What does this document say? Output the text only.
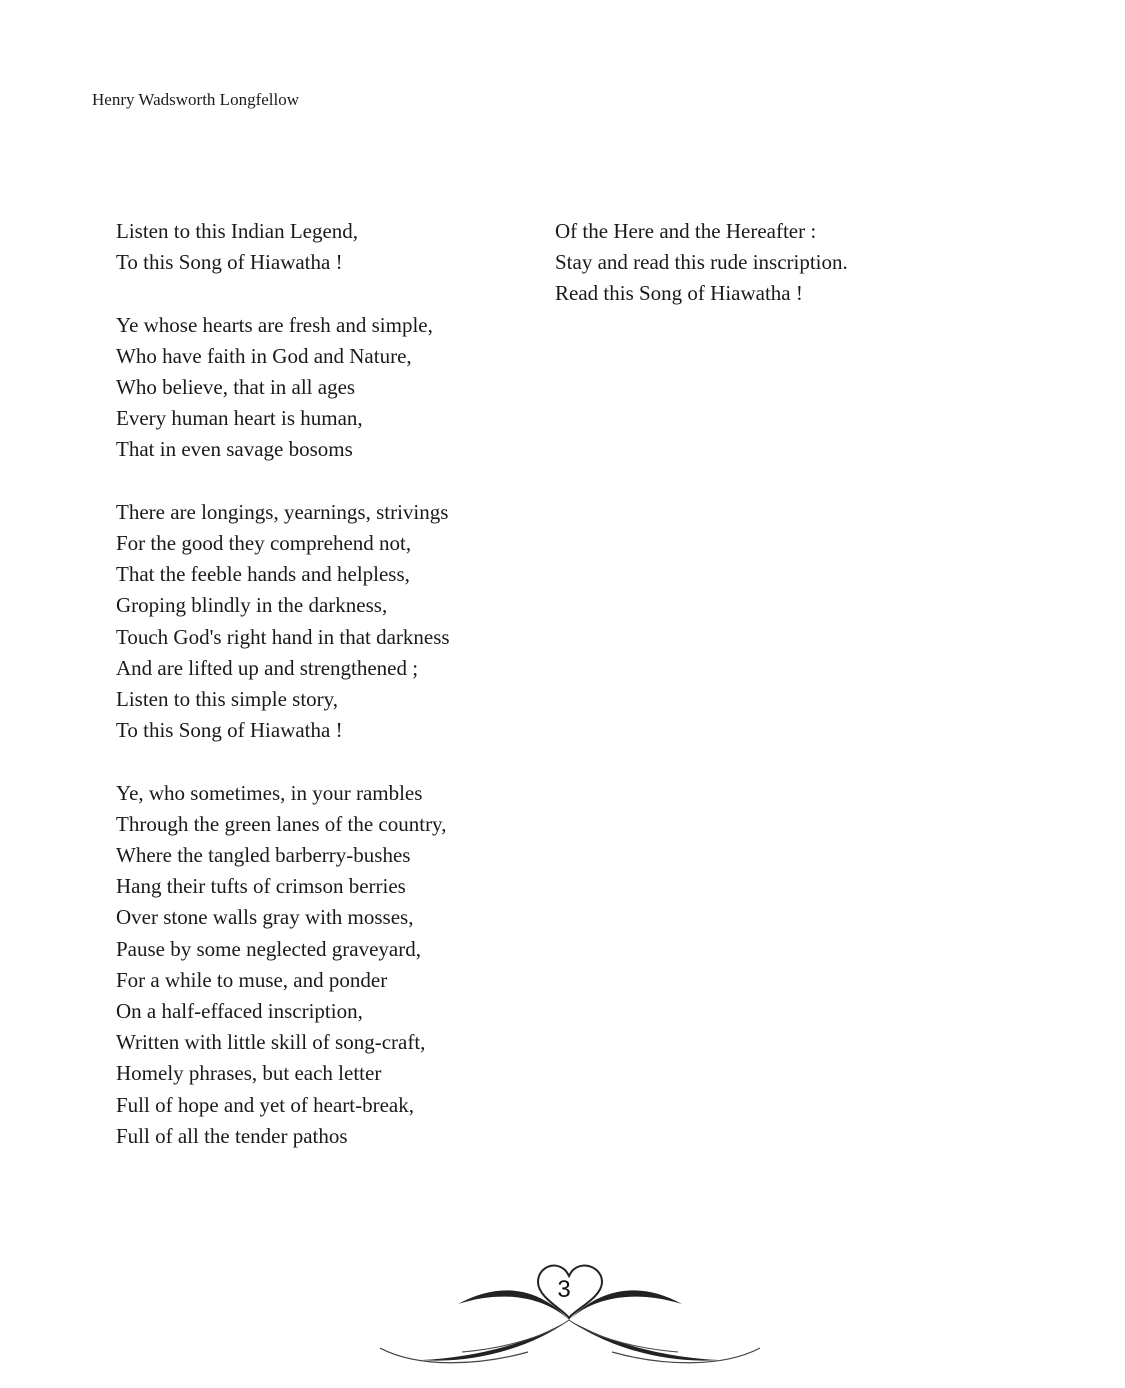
Henry Wadsworth Longfellow
Listen to this Indian Legend,
To this Song of Hiawatha !
Ye whose hearts are fresh and simple,
Who have faith in God and Nature,
Who believe, that in all ages
Every human heart is human,
That in even savage bosoms
There are longings, yearnings, strivings
For the good they comprehend not,
That the feeble hands and helpless,
Groping blindly in the darkness,
Touch God's right hand in that darkness
And are lifted up and strengthened ;
Listen to this simple story,
To this Song of Hiawatha !
Ye, who sometimes, in your rambles
Through the green lanes of the country,
Where the tangled barberry-bushes
Hang their tufts of crimson berries
Over stone walls gray with mosses,
Pause by some neglected graveyard,
For a while to muse, and ponder
On a half-effaced inscription,
Written with little skill of song-craft,
Homely phrases, but each letter
Full of hope and yet of heart-break,
Full of all the tender pathos
Of the Here and the Hereafter :
Stay and read this rude inscription.
Read this Song of Hiawatha !
3
